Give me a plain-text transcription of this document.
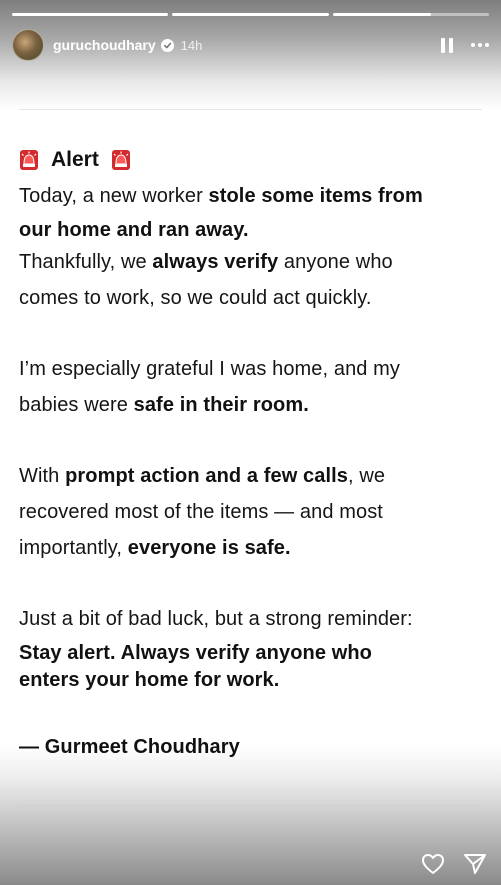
guruchoudhary 14h
Alert
Today, a new worker stole some items from
our home and ran away.
Thankfully, we always verify anyone who
comes to work, so we could act quickly.
I’m especially grateful I was home, and my
babies were safe in their room.
With prompt action and a few calls, we
recovered most of the items — and most
importantly, everyone is safe.
Just a bit of bad luck, but a strong reminder:
Stay alert. Always verify anyone who
enters your home for work.
— Gurmeet Choudhary
